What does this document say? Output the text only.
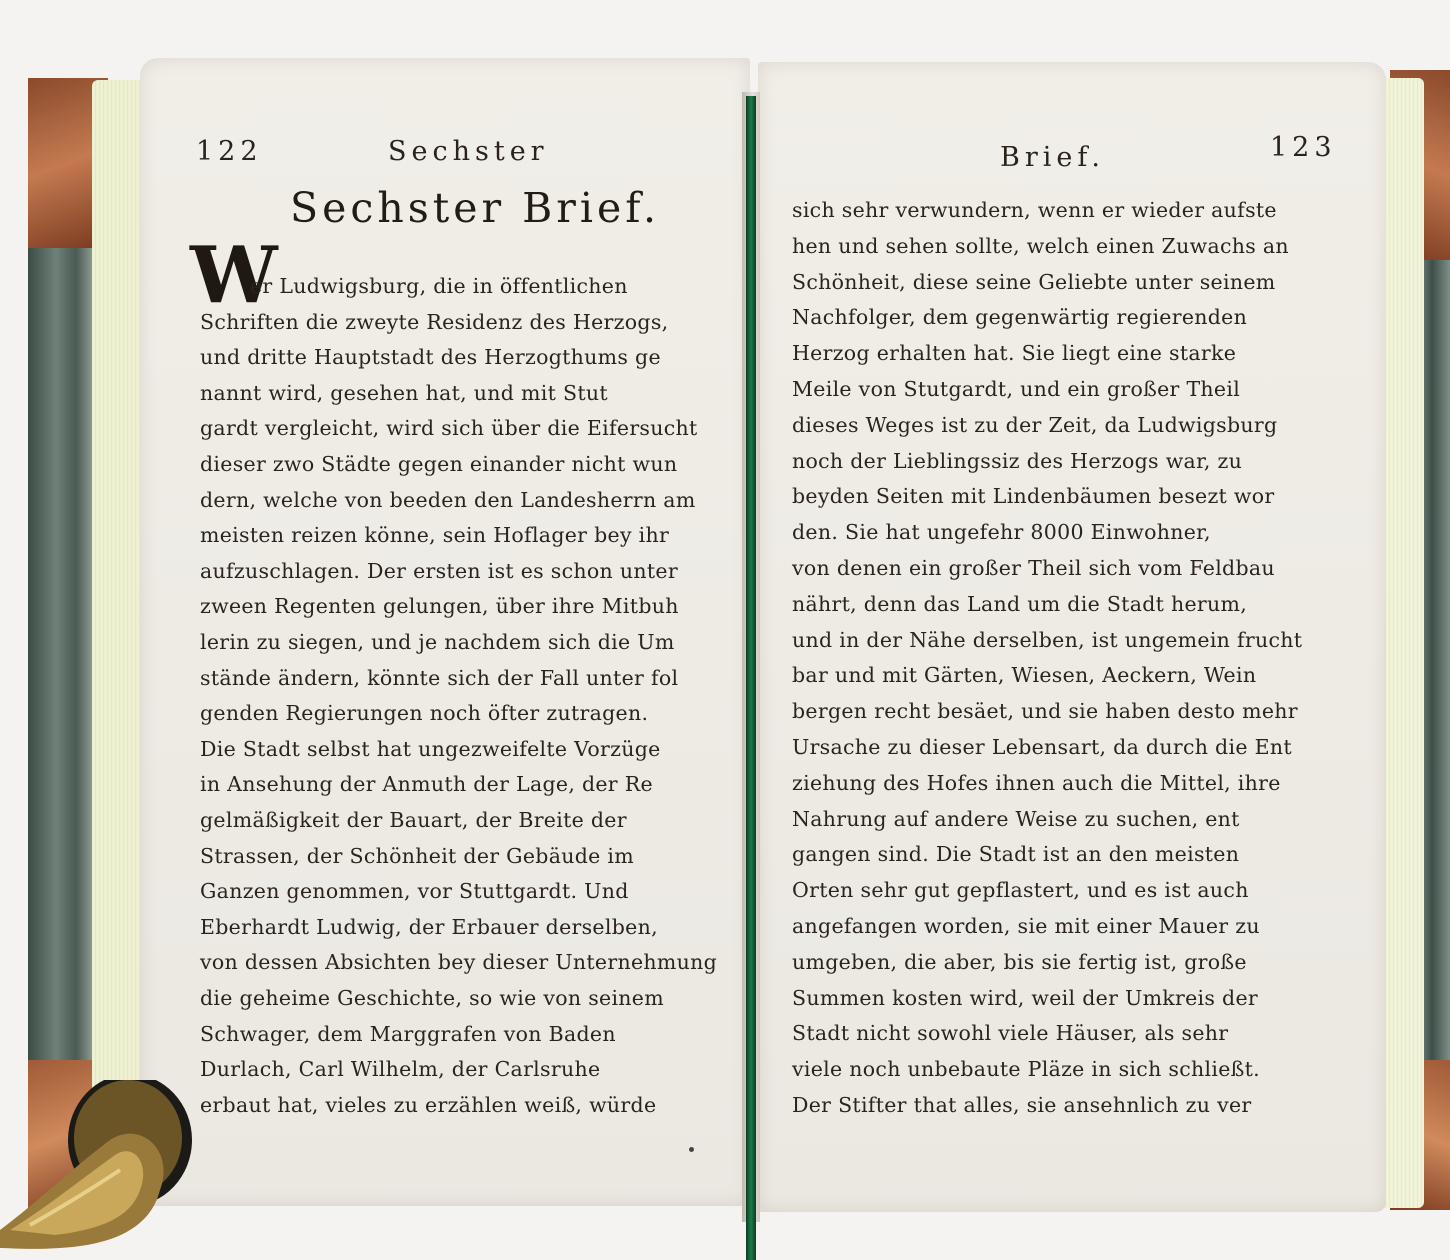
122	Sechster	Brief.	123
Sechster Brief.
W
er Ludwigsburg, die in öffentlichen
Schriften die zweyte Residenz des Herzogs,
und dritte Hauptstadt des Herzogthums ge
nannt wird, gesehen hat, und mit Stut
gardt vergleicht, wird sich über die Eifersucht
dieser zwo Städte gegen einander nicht wun
dern, welche von beeden den Landesherrn am
meisten reizen könne, sein Hoflager bey ihr
aufzuschlagen. Der ersten ist es schon unter
zween Regenten gelungen, über ihre Mitbuh
lerin zu siegen, und je nachdem sich die Um
stände ändern, könnte sich der Fall unter fol
genden Regierungen noch öfter zutragen.
Die Stadt selbst hat ungezweifelte Vorzüge
in Ansehung der Anmuth der Lage, der Re
gelmäßigkeit der Bauart, der Breite der
Strassen, der Schönheit der Gebäude im
Ganzen genommen, vor Stuttgardt. Und
Eberhardt Ludwig, der Erbauer derselben,
von dessen Absichten bey dieser Unternehmung
die geheime Geschichte, so wie von seinem
Schwager, dem Marggrafen von Baden
Durlach, Carl Wilhelm, der Carlsruhe
erbaut hat, vieles zu erzählen weiß, würde
sich sehr verwundern, wenn er wieder aufste
hen und sehen sollte, welch einen Zuwachs an
Schönheit, diese seine Geliebte unter seinem
Nachfolger, dem gegenwärtig regierenden
Herzog erhalten hat. Sie liegt eine starke
Meile von Stutgardt, und ein großer Theil
dieses Weges ist zu der Zeit, da Ludwigsburg
noch der Lieblingssiz des Herzogs war, zu
beyden Seiten mit Lindenbäumen besezt wor
den. Sie hat ungefehr 8000 Einwohner,
von denen ein großer Theil sich vom Feldbau
nährt, denn das Land um die Stadt herum,
und in der Nähe derselben, ist ungemein frucht
bar und mit Gärten, Wiesen, Aeckern, Wein
bergen recht besäet, und sie haben desto mehr
Ursache zu dieser Lebensart, da durch die Ent
ziehung des Hofes ihnen auch die Mittel, ihre
Nahrung auf andere Weise zu suchen, ent
gangen sind. Die Stadt ist an den meisten
Orten sehr gut gepflastert, und es ist auch
angefangen worden, sie mit einer Mauer zu
umgeben, die aber, bis sie fertig ist, große
Summen kosten wird, weil der Umkreis der
Stadt nicht sowohl viele Häuser, als sehr
viele noch unbebaute Pläze in sich schließt.
Der Stifter that alles, sie ansehnlich zu ver
